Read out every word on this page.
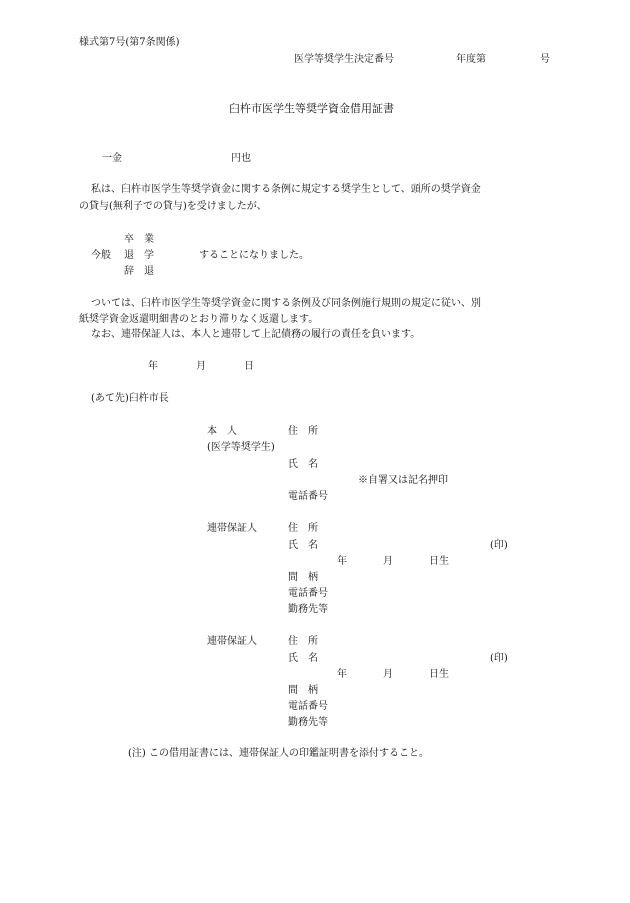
様式第7号(第7条関係)
医学等奨学生決定番号	年度第	号
臼杵市医学生等奨学資金借用証書
一金	円也
私は、臼杵市医学生等奨学資金に関する条例に規定する奨学生として、頭所の奨学資金
の貸与(無利子での貸与)を受けましたが、
卒　業
今般 退　学	することになりました。
辞　退
ついては、臼杵市医学生等奨学資金に関する条例及び同条例施行規則の規定に従い、別
紙奨学資金返還明細書のとおり滞りなく返還します。
なお、連帯保証人は、本人と連帯して上記債務の履行の責任を負います。
年	月	日
(あて先)臼杵市長
本　人	住　所
(医学等奨学生)
氏　名
※自署又は記名押印
電話番号
連帯保証人	住　所
氏　名	(印)
年	月	日生
間　柄
電話番号
勤務先等
連帯保証人	住　所
氏　名	(印)
年	月	日生
間　柄
電話番号
勤務先等
(注) この借用証書には、連帯保証人の印鑑証明書を添付すること。
